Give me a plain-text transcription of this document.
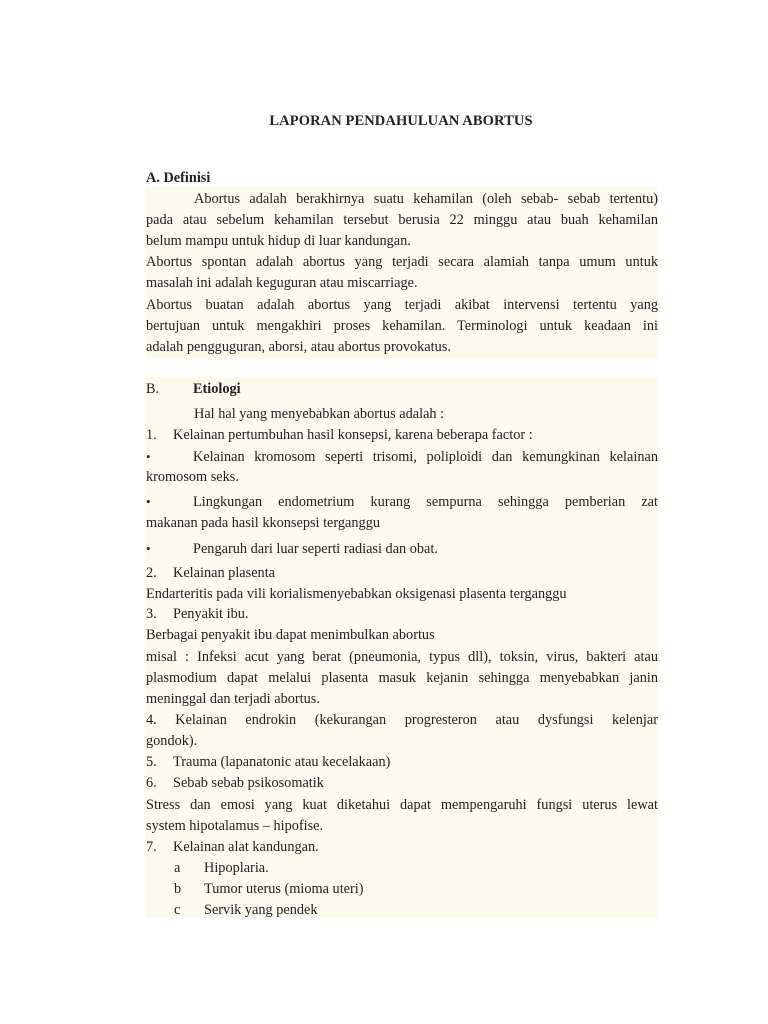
LAPORAN PENDAHULUAN ABORTUS
A. Definisi
Abortus adalah berakhirnya suatu kehamilan (oleh sebab- sebab tertentu)
pada atau sebelum kehamilan tersebut berusia 22 minggu atau buah kehamilan
belum mampu untuk hidup di luar kandungan.
Abortus spontan adalah abortus yang terjadi secara alamiah tanpa umum untuk
masalah ini adalah keguguran atau miscarriage.
Abortus buatan adalah abortus yang terjadi akibat intervensi tertentu yang
bertujuan untuk mengakhiri proses kehamilan. Terminologi untuk keadaan ini
adalah pengguguran, aborsi, atau abortus provokatus.
B. Etiologi
Hal hal yang menyebabkan abortus adalah :
1. Kelainan pertumbuhan hasil konsepsi, karena beberapa factor :
•	Kelainan kromosom seperti trisomi, poliploidi dan kemungkinan kelainan
kromosom seks.
•	Lingkungan endometrium kurang sempurna sehingga pemberian zat
makanan pada hasil kkonsepsi terganggu
•	Pengaruh dari luar seperti radiasi dan obat.
2. Kelainan plasenta
Endarteritis pada vili korialismenyebabkan oksigenasi plasenta terganggu
3. Penyakit ibu.
Berbagai penyakit ibu dapat menimbulkan abortus
misal : Infeksi acut yang berat (pneumonia, typus dll), toksin, virus, bakteri atau
plasmodium dapat melalui plasenta masuk kejanin sehingga menyebabkan janin
meninggal dan terjadi abortus.
4. Kelainan endrokin (kekurangan progresteron atau dysfungsi kelenjar
gondok).
5. Trauma (lapanatonic atau kecelakaan)
6. Sebab sebab psikosomatik
Stress dan emosi yang kuat diketahui dapat mempengaruhi fungsi uterus lewat
system hipotalamus – hipofise.
7. Kelainan alat kandungan.
a Hipoplaria.
b Tumor uterus (mioma uteri)
c Servik yang pendek
